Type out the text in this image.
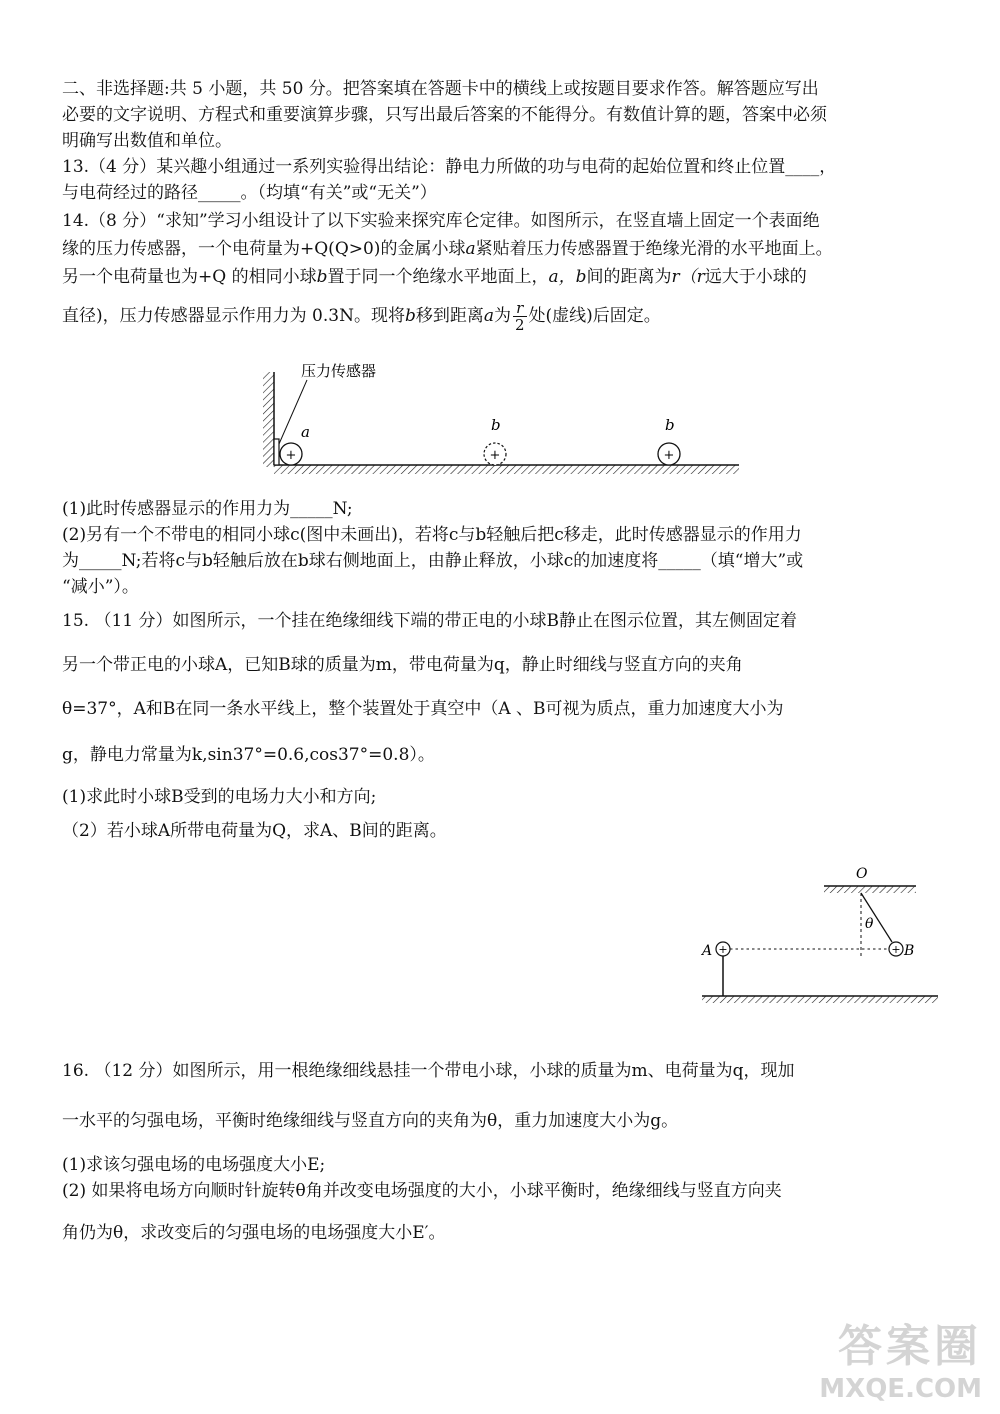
二、非选择题:共 5 小题，共 50 分。把答案填在答题卡中的横线上或按题目要求作答。解答题应写出
必要的文字说明、方程式和重要演算步骤，只写出最后答案的不能得分。有数值计算的题，答案中必须
明确写出数值和单位。
13.（4 分）某兴趣小组通过一系列实验得出结论：静电力所做的功与电荷的起始位置和终止位置____，
与电荷经过的路径_____。（均填“有关”或“无关”）
14.（8 分）“求知”学习小组设计了以下实验来探究库仑定律。如图所示，在竖直墙上固定一个表面绝
缘的压力传感器，一个电荷量为+Q(Q>0)的金属小球a紧贴着压力传感器置于绝缘光滑的水平地面上。
另一个电荷量也为+Q 的相同小球b置于同一个绝缘水平地面上，a，b间的距离为r（r远大于小球的
直径)，压力传感器显示作用力为 0.3N。现将b移到距离a为 $\frac{r}{2}$ 处(虚线)后固定。
压力传感器
+
a
+
b
+
b
(1)此时传感器显示的作用力为_____N;
(2)另有一个不带电的相同小球c(图中未画出)，若将c与b轻触后把c移走，此时传感器显示的作用力
为_____N;若将c与b轻触后放在b球右侧地面上，由静止释放，小球c的加速度将_____（填“增大”或
“减小”）。
15. （11 分）如图所示，一个挂在绝缘细线下端的带正电的小球B静止在图示位置，其左侧固定着
另一个带正电的小球A，已知B球的质量为m，带电荷量为q，静止时细线与竖直方向的夹角
θ=37°，A和B在同一条水平线上，整个装置处于真空中（A 、B可视为质点，重力加速度大小为
g，静电力常量为k,sin37°=0.6,cos37°=0.8）。
(1)求此时小球B受到的电场力大小和方向;
（2）若小球A所带电荷量为Q，求A、B间的距离。
O
θ
+ B
+
A
16. （12 分）如图所示，用一根绝缘细线悬挂一个带电小球，小球的质量为m、电荷量为q，现加
一水平的匀强电场，平衡时绝缘细线与竖直方向的夹角为θ，重力加速度大小为g。
(1)求该匀强电场的电场强度大小E;
(2) 如果将电场方向顺时针旋转θ角并改变电场强度的大小，小球平衡时，绝缘细线与竖直方向夹
角仍为θ，求改变后的匀强电场的电场强度大小E′。
答案圈
MXQE.COM
